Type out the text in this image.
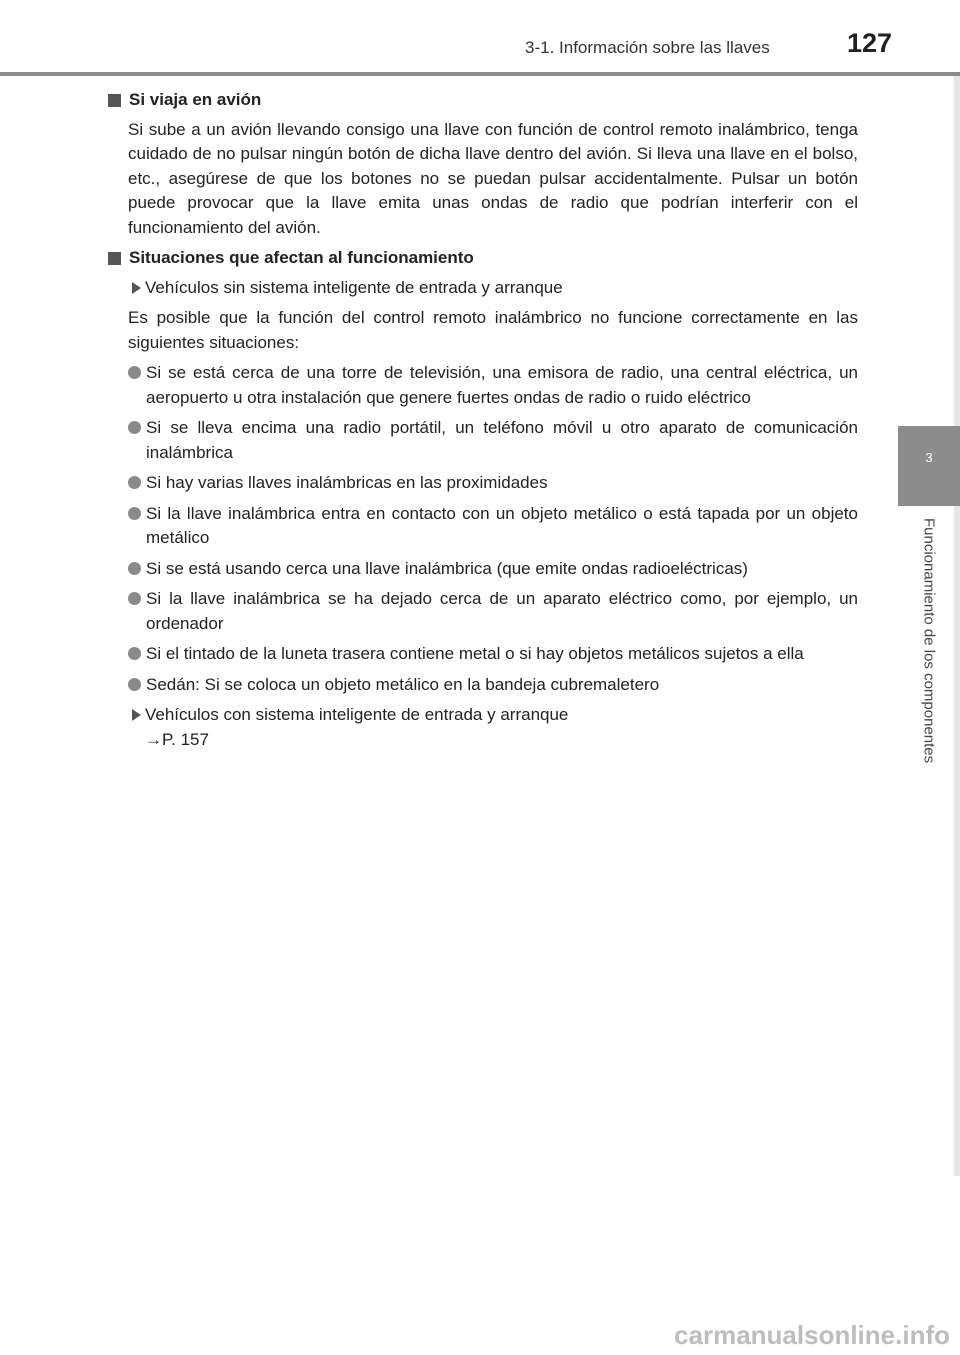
3-1. Información sobre las llaves	127
3
Funcionamiento de los componentes
Si viaja en avión
Si sube a un avión llevando consigo una llave con función de control remoto inalámbrico, tenga cuidado de no pulsar ningún botón de dicha llave dentro del avión. Si lleva una llave en el bolso, etc., asegúrese de que los botones no se puedan pulsar accidentalmente. Pulsar un botón puede provocar que la llave emita unas ondas de radio que podrían interferir con el funcionamiento del avión.
Situaciones que afectan al funcionamiento
Vehículos sin sistema inteligente de entrada y arranque
Es posible que la función del control remoto inalámbrico no funcione correctamente en las siguientes situaciones:
Si se está cerca de una torre de televisión, una emisora de radio, una central eléctrica, un aeropuerto u otra instalación que genere fuertes ondas de radio o ruido eléctrico
Si se lleva encima una radio portátil, un teléfono móvil u otro aparato de comunicación inalámbrica
Si hay varias llaves inalámbricas en las proximidades
Si la llave inalámbrica entra en contacto con un objeto metálico o está tapada por un objeto metálico
Si se está usando cerca una llave inalámbrica (que emite ondas radioeléctricas)
Si la llave inalámbrica se ha dejado cerca de un aparato eléctrico como, por ejemplo, un ordenador
Si el tintado de la luneta trasera contiene metal o si hay objetos metálicos sujetos a ella
Sedán: Si se coloca un objeto metálico en la bandeja cubremaletero
Vehículos con sistema inteligente de entrada y arranque
→P. 157
carmanualsonline.info
